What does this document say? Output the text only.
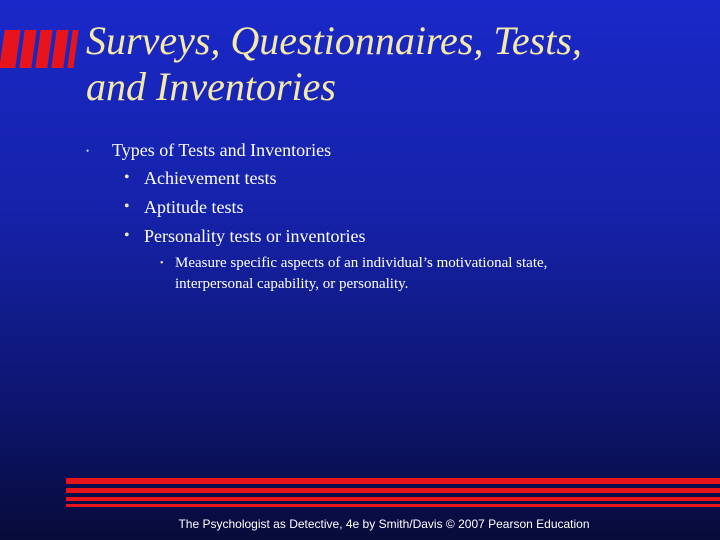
Surveys, Questionnaires, Tests,
and Inventories
• Types of Tests and Inventories
• Achievement tests
• Aptitude tests
• Personality tests or inventories
• Measure specific aspects of an individual’s motivational state,
interpersonal capability, or personality.
The Psychologist as Detective, 4e by Smith/Davis © 2007 Pearson Education
